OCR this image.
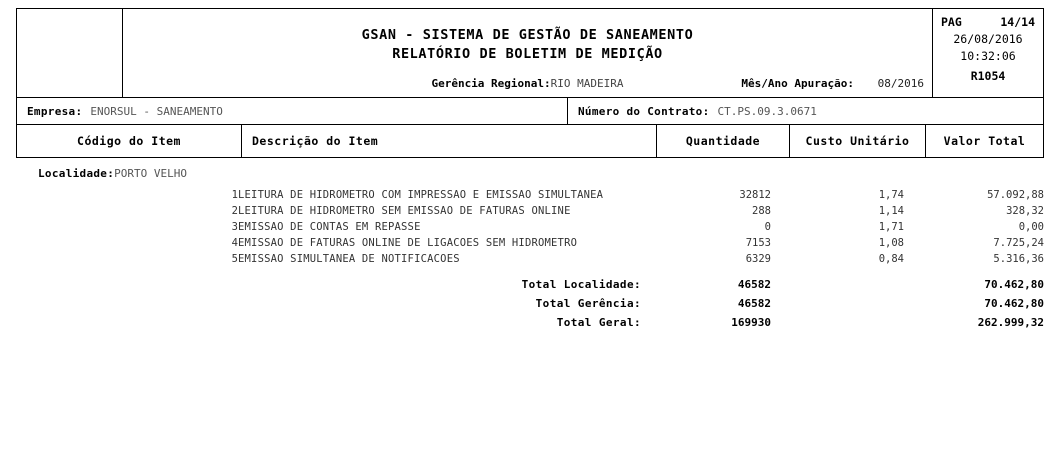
GSAN - SISTEMA DE GESTÃO DE SANEAMENTO
RELATÓRIO DE BOLETIM DE MEDIÇÃO
Gerência Regional:RIO MADEIRA	Mês/Ano Apuração: 08/2016

PAG	14/14
26/08/2016
10:32:06
R1054
Empresa: ENORSUL - SANEAMENTO	Número do Contrato: CT.PS.09.3.0671
Código do Item	Descrição do Item	Quantidade	Custo Unitário	Valor Total
Localidade:PORTO VELHO
1	LEITURA DE HIDROMETRO COM IMPRESSAO E EMISSAO SIMULTANEA	32812	1,74	57.092,88
2	LEITURA DE HIDROMETRO SEM EMISSAO DE FATURAS ONLINE	288	1,14	328,32
3	EMISSAO DE CONTAS EM REPASSE	0	1,71	0,00
4	EMISSAO DE FATURAS ONLINE DE LIGACOES SEM HIDROMETRO	7153	1,08	7.725,24
5	EMISSAO SIMULTANEA DE NOTIFICACOES	6329	0,84	5.316,36
Total Localidade:	46582		70.462,80
Total Gerência:	46582		70.462,80
Total Geral:	169930		262.999,32
